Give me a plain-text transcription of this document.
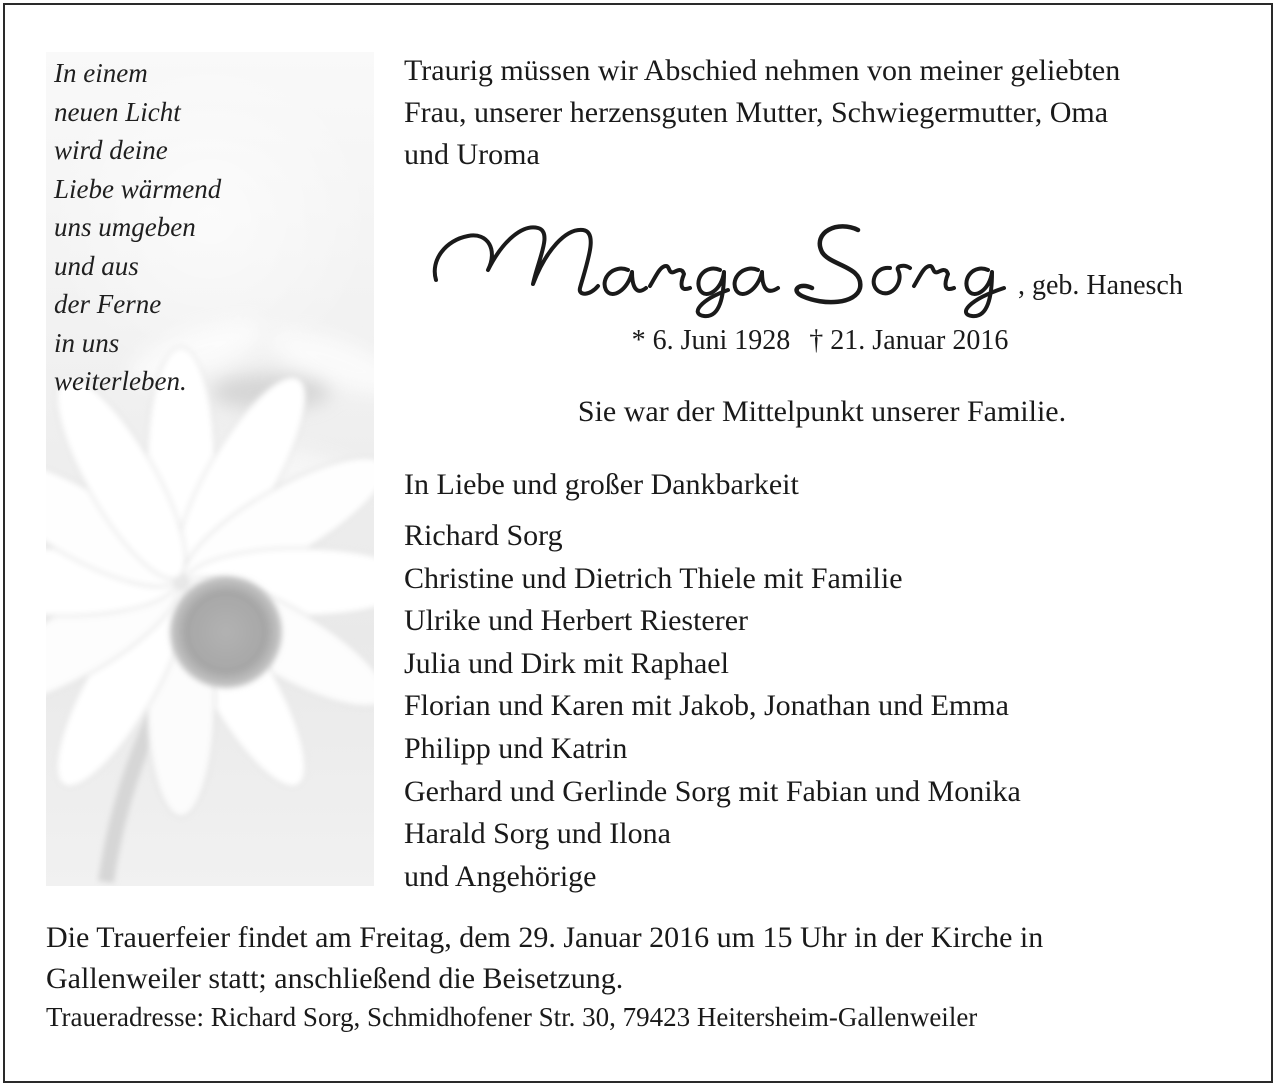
In einem
neuen Licht
wird deine
Liebe wärmend
uns umgeben
und aus
der Ferne
in uns
weiterleben.
Traurig müssen wir Abschied nehmen von meiner geliebten
Frau, unserer herzensguten Mutter, Schwiegermutter, Oma
und Uroma
, geb. Hanesch
* 6. Juni 1928 † 21. Januar 2016
Sie war der Mittelpunkt unserer Familie.
In Liebe und großer Dankbarkeit
Richard Sorg
Christine und Dietrich Thiele mit Familie
Ulrike und Herbert Riesterer
Julia und Dirk mit Raphael
Florian und Karen mit Jakob, Jonathan und Emma
Philipp und Katrin
Gerhard und Gerlinde Sorg mit Fabian und Monika
Harald Sorg und Ilona
und Angehörige
Die Trauerfeier findet am Freitag, dem 29. Januar 2016 um 15 Uhr in der Kirche in
Gallenweiler statt; anschließend die Beisetzung.
Traueradresse: Richard Sorg, Schmidhofener Str. 30, 79423 Heitersheim-Gallenweiler
